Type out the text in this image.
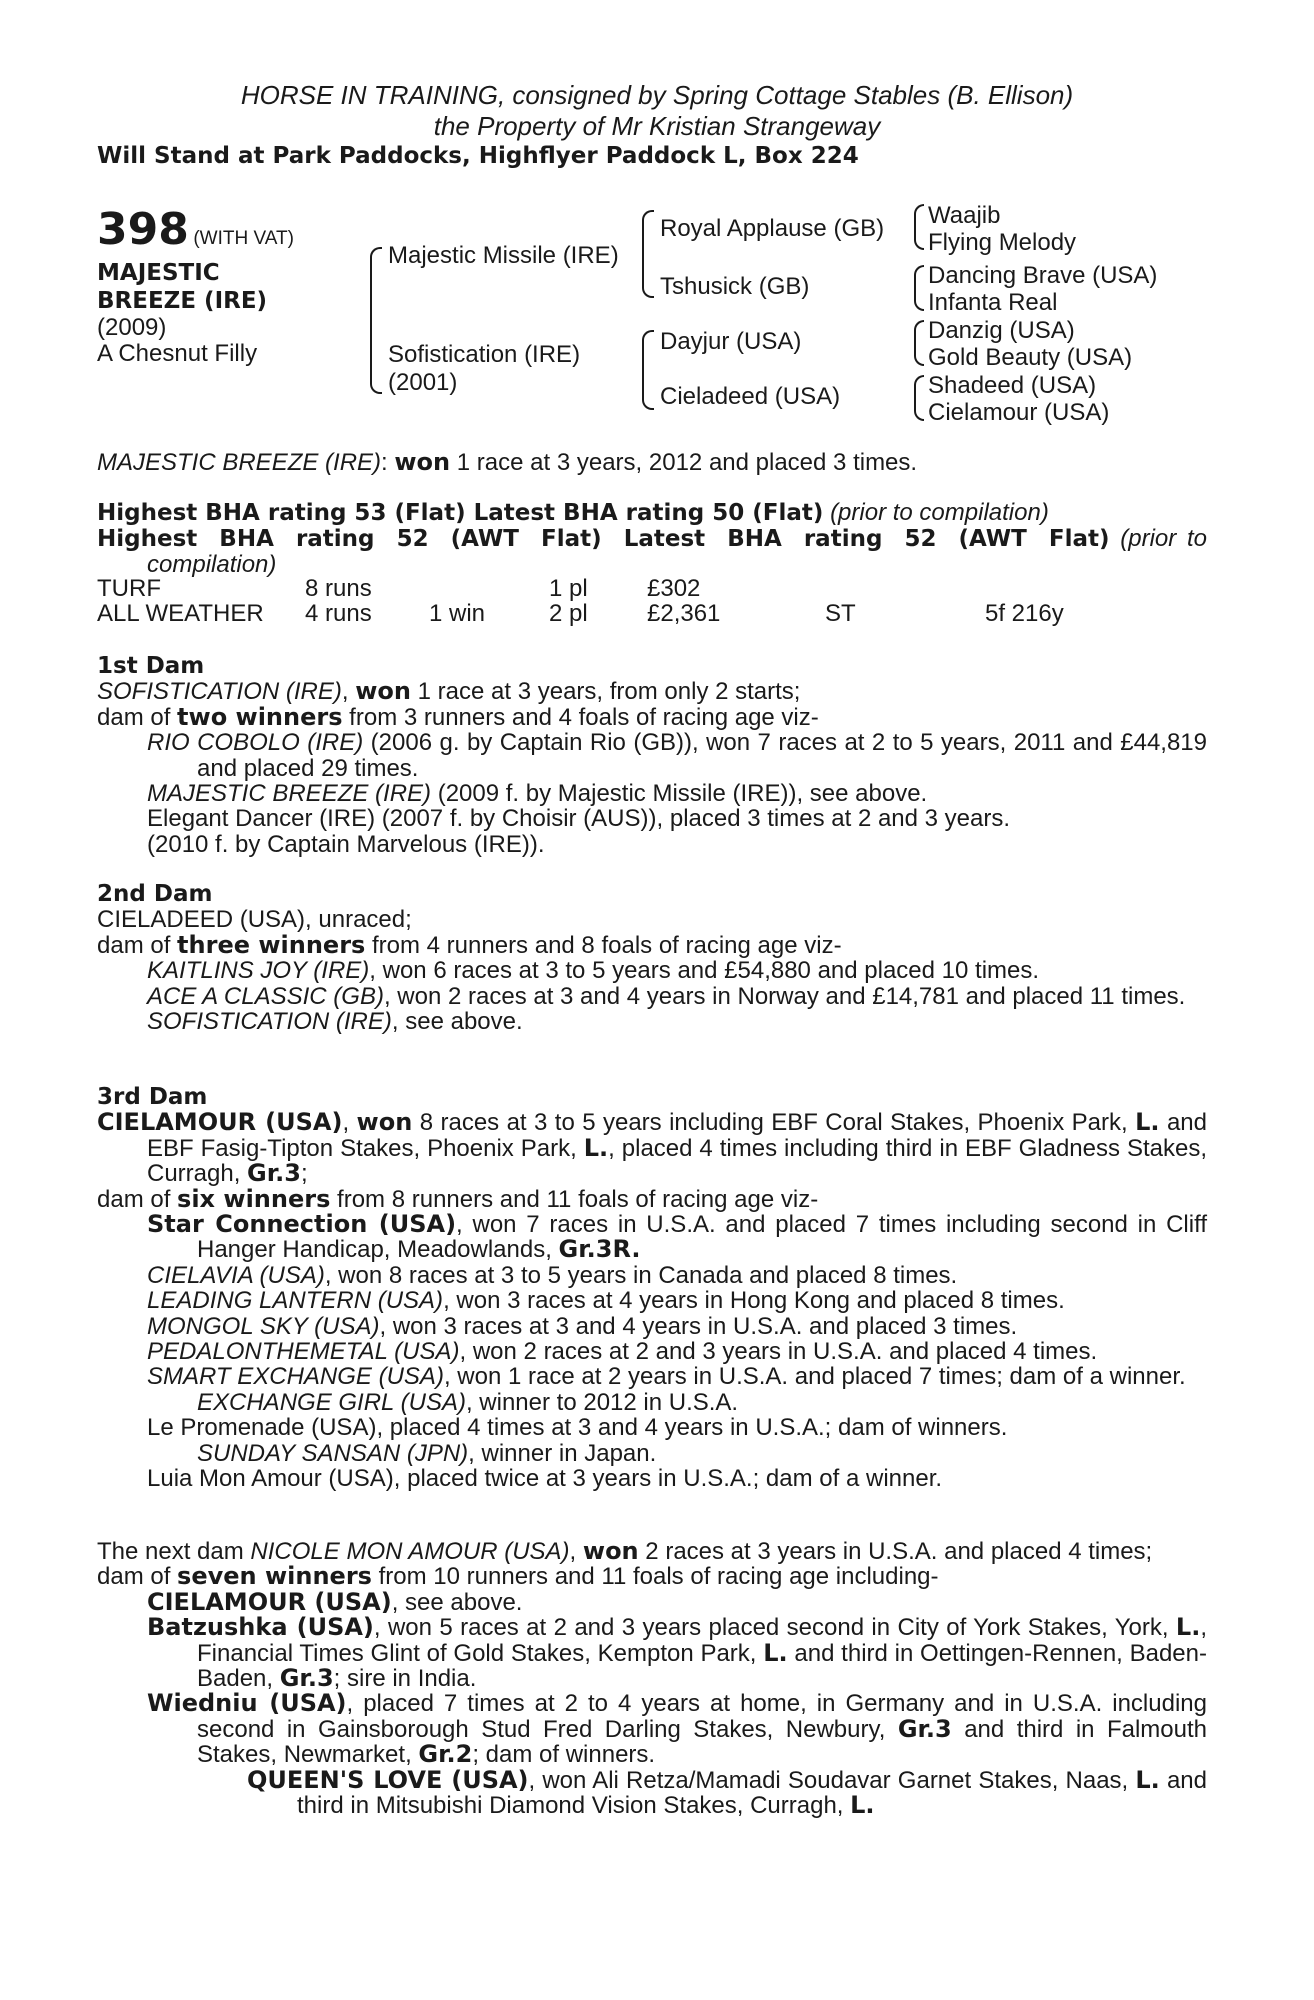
HORSE IN TRAINING, consigned by Spring Cottage Stables (B. Ellison)
the Property of Mr Kristian Strangeway
Will Stand at Park Paddocks, Highflyer Paddock L, Box 224
398 (WITH VAT)
MAJESTIC
BREEZE (IRE)
(2009)
A Chesnut Filly
Majestic Missile (IRE)
Sofistication (IRE)
(2001)
Royal Applause (GB)
Tshusick (GB)
Dayjur (USA)
Cieladeed (USA)
Waajib
Flying Melody
Dancing Brave (USA)
Infanta Real
Danzig (USA)
Gold Beauty (USA)
Shadeed (USA)
Cielamour (USA)
MAJESTIC BREEZE (IRE): won 1 race at 3 years, 2012 and placed 3 times.

Highest BHA rating 53 (Flat) Latest BHA rating 50 (Flat) (prior to compilation)

Highest BHA rating 52 (AWT Flat) Latest BHA rating 52 (AWT Flat) (prior to compilation)

TURF	8 runs		1 pl	£302		
ALL WEATHER	4 runs	1 win	2 pl	£2,361	ST	5f 216y

1st Dam

SOFISTICATION (IRE), won 1 race at 3 years, from only 2 starts;

dam of two winners from 3 runners and 4 foals of racing age viz-

RIO COBOLO (IRE) (2006 g. by Captain Rio (GB)), won 7 races at 2 to 5 years, 2011 and £44,819 and placed 29 times.

MAJESTIC BREEZE (IRE) (2009 f. by Majestic Missile (IRE)), see above.

Elegant Dancer (IRE) (2007 f. by Choisir (AUS)), placed 3 times at 2 and 3 years.

(2010 f. by Captain Marvelous (IRE)).

2nd Dam

CIELADEED (USA), unraced;

dam of three winners from 4 runners and 8 foals of racing age viz-

KAITLINS JOY (IRE), won 6 races at 3 to 5 years and £54,880 and placed 10 times.

ACE A CLASSIC (GB), won 2 races at 3 and 4 years in Norway and £14,781 and placed 11 times.

SOFISTICATION (IRE), see above.

3rd Dam

CIELAMOUR (USA), won 8 races at 3 to 5 years including EBF Coral Stakes, Phoenix Park, L. and EBF Fasig-Tipton Stakes, Phoenix Park, L., placed 4 times including third in EBF Gladness Stakes, Curragh, Gr.3;

dam of six winners from 8 runners and 11 foals of racing age viz-

Star Connection (USA), won 7 races in U.S.A. and placed 7 times including second in Cliff Hanger Handicap, Meadowlands, Gr.3R.

CIELAVIA (USA), won 8 races at 3 to 5 years in Canada and placed 8 times.

LEADING LANTERN (USA), won 3 races at 4 years in Hong Kong and placed 8 times.

MONGOL SKY (USA), won 3 races at 3 and 4 years in U.S.A. and placed 3 times.

PEDALONTHEMETAL (USA), won 2 races at 2 and 3 years in U.S.A. and placed 4 times.

SMART EXCHANGE (USA), won 1 race at 2 years in U.S.A. and placed 7 times; dam of a winner.

EXCHANGE GIRL (USA), winner to 2012 in U.S.A.

Le Promenade (USA), placed 4 times at 3 and 4 years in U.S.A.; dam of winners.

SUNDAY SANSAN (JPN), winner in Japan.

Luia Mon Amour (USA), placed twice at 3 years in U.S.A.; dam of a winner.

The next dam NICOLE MON AMOUR (USA), won 2 races at 3 years in U.S.A. and placed 4 times;

dam of seven winners from 10 runners and 11 foals of racing age including-

CIELAMOUR (USA), see above.

Batzushka (USA), won 5 races at 2 and 3 years placed second in City of York Stakes, York, L., Financial Times Glint of Gold Stakes, Kempton Park, L. and third in Oettingen-Rennen, Baden-Baden, Gr.3; sire in India.

Wiedniu (USA), placed 7 times at 2 to 4 years at home, in Germany and in U.S.A. including second in Gainsborough Stud Fred Darling Stakes, Newbury, Gr.3 and third in Falmouth Stakes, Newmarket, Gr.2; dam of winners.

QUEEN'S LOVE (USA), won Ali Retza/Mamadi Soudavar Garnet Stakes, Naas, L. and third in Mitsubishi Diamond Vision Stakes, Curragh, L.
